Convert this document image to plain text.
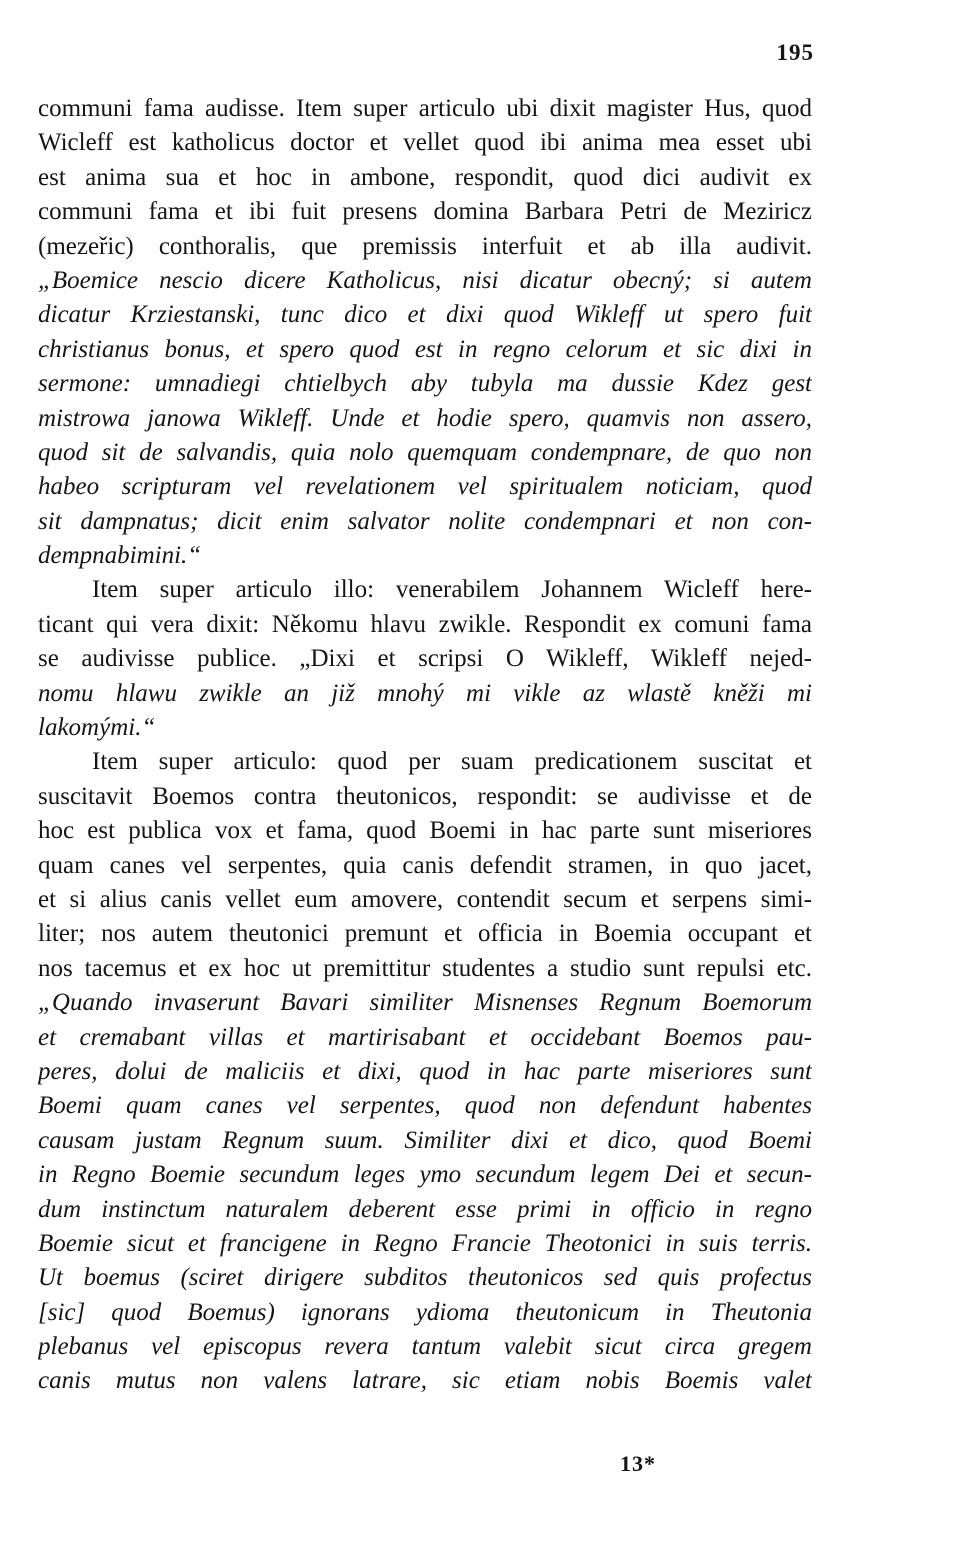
195
communi fama audisse. Item super articulo ubi dixit magister Hus, quod
Wicleff est katholicus doctor et vellet quod ibi anima mea esset ubi
est anima sua et hoc in ambone, respondit, quod dici audivit ex
communi fama et ibi fuit presens domina Barbara Petri de Meziricz
(mezeřic) conthoralis, que premissis interfuit et ab illa audivit.
„Boemice nescio dicere Katholicus, nisi dicatur obecný; si autem
dicatur Krziestanski, tunc dico et dixi quod Wikleff ut spero fuit
christianus bonus, et spero quod est in regno celorum et sic dixi in
sermone: umnadiegi chtielbych aby tubyla ma dussie Kdez gest
mistrowa janowa Wikleff. Unde et hodie spero, quamvis non assero,
quod sit de salvandis, quia nolo quemquam condempnare, de quo non
habeo scripturam vel revelationem vel spiritualem noticiam, quod
sit dampnatus; dicit enim salvator nolite condempnari et non con-
dempnabimini.“
Item super articulo illo: venerabilem Johannem Wicleff here-
ticant qui vera dixit: Někomu hlavu zwikle. Respondit ex comuni fama
se audivisse publice. „Dixi et scripsi O Wikleff, Wikleff nejed-
nomu hlawu zwikle an již mnohý mi vikle az wlastě kněži mi
lakomými.“
Item super articulo: quod per suam predicationem suscitat et
suscitavit Boemos contra theutonicos, respondit: se audivisse et de
hoc est publica vox et fama, quod Boemi in hac parte sunt miseriores
quam canes vel serpentes, quia canis defendit stramen, in quo jacet,
et si alius canis vellet eum amovere, contendit secum et serpens simi-
liter; nos autem theutonici premunt et officia in Boemia occupant et
nos tacemus et ex hoc ut premittitur studentes a studio sunt repulsi etc.
„Quando invaserunt Bavari similiter Misnenses Regnum Boemorum
et cremabant villas et martirisabant et occidebant Boemos pau-
peres, dolui de maliciis et dixi, quod in hac parte miseriores sunt
Boemi quam canes vel serpentes, quod non defendunt habentes
causam justam Regnum suum. Similiter dixi et dico, quod Boemi
in Regno Boemie secundum leges ymo secundum legem Dei et secun-
dum instinctum naturalem deberent esse primi in officio in regno
Boemie sicut et francigene in Regno Francie Theotonici in suis terris.
Ut boemus (sciret dirigere subditos theutonicos sed quis profectus
[sic] quod Boemus) ignorans ydioma theutonicum in Theutonia
plebanus vel episcopus revera tantum valebit sicut circa gregem
canis mutus non valens latrare, sic etiam nobis Boemis valet
13*
